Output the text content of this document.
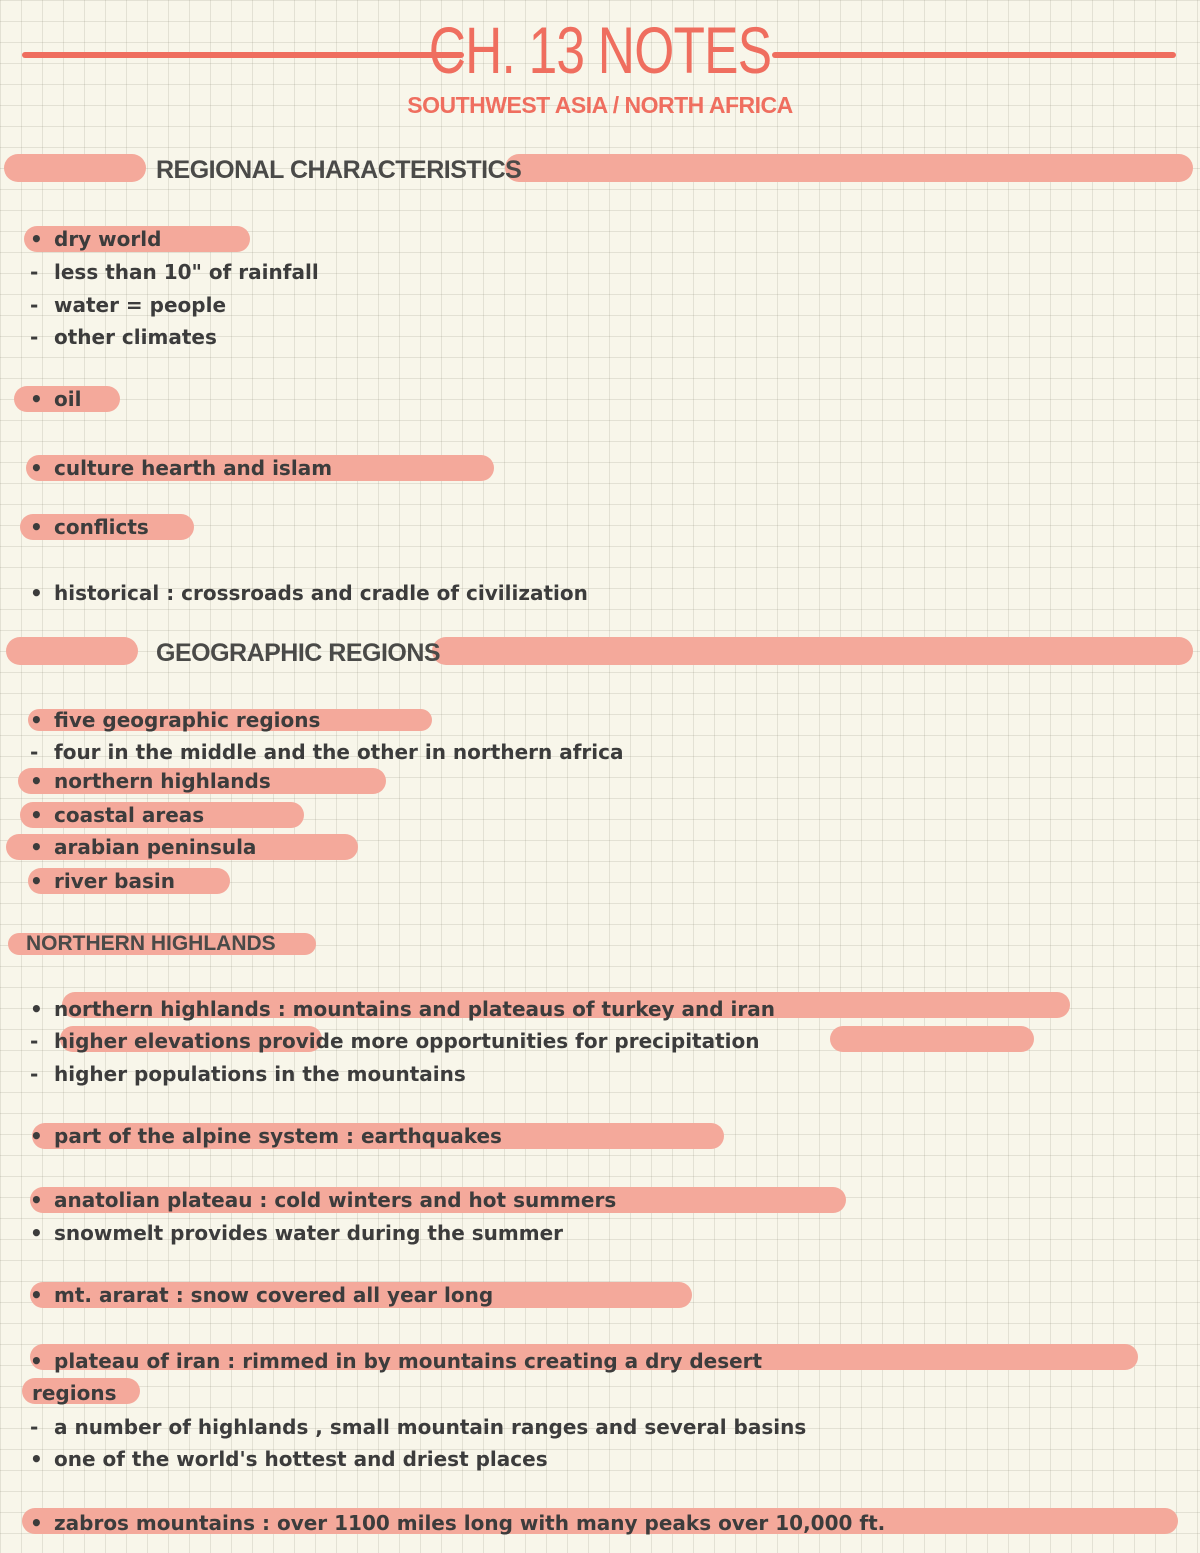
CH. 13 NOTES
SOUTHWEST ASIA / NORTH AFRICA
REGIONAL CHARACTERISTICS
• dry world
- less than 10" of rainfall
- water = people
- other climates
• oil
• culture hearth and islam
• conflicts
• historical : crossroads and cradle of civilization
GEOGRAPHIC REGIONS
• five geographic regions
- four in the middle and the other in northern africa
• northern highlands
• coastal areas
• arabian peninsula
• river basin
NORTHERN HIGHLANDS
• northern highlands : mountains and plateaus of turkey and iran
- higher elevations provide more opportunities for precipitation
- higher populations in the mountains
• part of the alpine system : earthquakes
• anatolian plateau : cold winters and hot summers
• snowmelt provides water during the summer
• mt. ararat : snow covered all year long
• plateau of iran : rimmed in by mountains creating a dry desert
regions
- a number of highlands , small mountain ranges and several basins
• one of the world's hottest and driest places
• zabros mountains : over 1100 miles long with many peaks over 10,000 ft.
